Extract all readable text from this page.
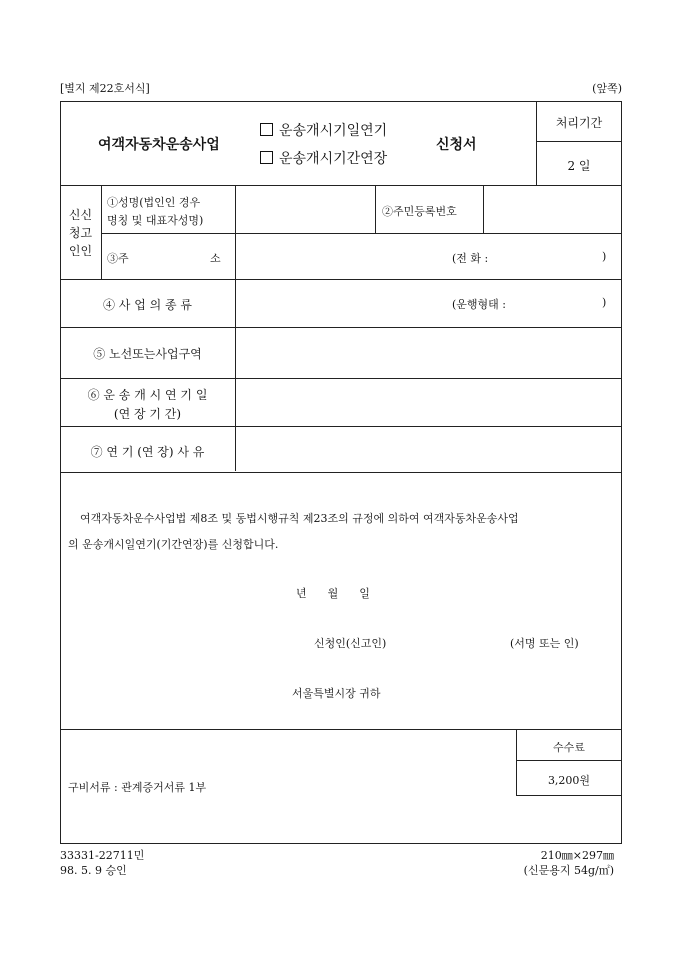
[별지 제22호서식]	(앞쪽)
여객자동차운송사업
운송개시기일연기
운송개시기간연장
신청서
처리기간
2 일
신신
청고
인인
①성명(법인인 경우
명칭 및 대표자성명)
②주민등록번호
③주	소	(전 화 :	)
④ 사 업 의 종 류	(운행형태 :	)
⑤ 노선또는사업구역
⑥ 운 송 개 시 연 기 일
(연 장 기 간)
⑦ 연 기 (연 장) 사 유
여객자동차운수사업법 제8조 및 동법시행규칙 제23조의 규정에 의하여 여객자동차운송사업
의 운송개시일연기(기간연장)를 신청합니다.
년      월      일
신청인(신고인)	(서명 또는 인)
서울특별시장 귀하
수수료
3,200원
구비서류 : 관계증거서류 1부
33331-22711민
98. 5. 9 승인
210㎜×297㎜
(신문용지 54g/㎡)
